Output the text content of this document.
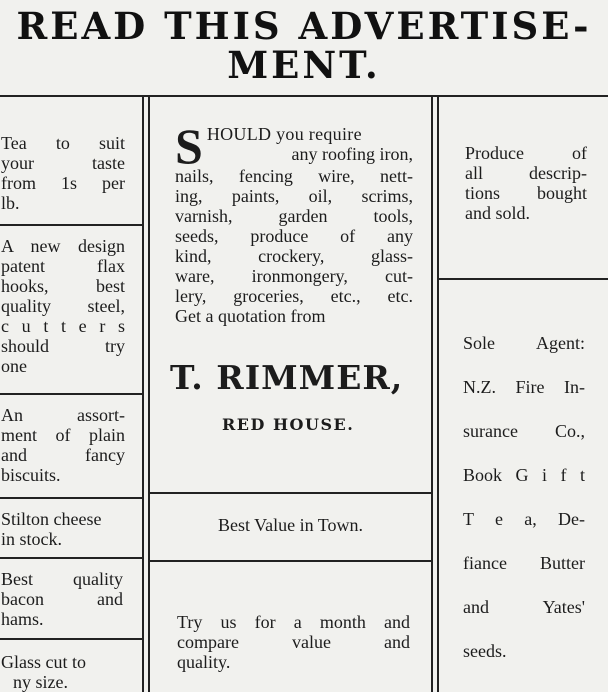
READ THIS ADVERTISE-
MENT.
Tea to suit
your taste
from 1s per
lb.
A new design
patent flax
hooks, best
quality steel,
c u t t e r s
should try
one
An assort-
ment of plain
and fancy
biscuits.
Stilton cheese
in stock.
Best quality
bacon and
hams.
Glass cut to
ny size.
S HOULD you require
any roofing iron,
nails, fencing wire, nett-
ing, paints, oil, scrims,
varnish, garden tools,
seeds, produce of any
kind, crockery, glass-
ware, ironmongery, cut-
lery, groceries, etc., etc.
Get a quotation from
T. RIMMER,
RED HOUSE.
Best Value in Town.
Try us for a month and
compare value and
quality.
Produce of
all descrip-
tions bought
and sold.
Sole Agent:
N.Z. Fire In-
surance Co.,
Book G i f t
T e a, De-
fiance Butter
and Yates'
seeds.
